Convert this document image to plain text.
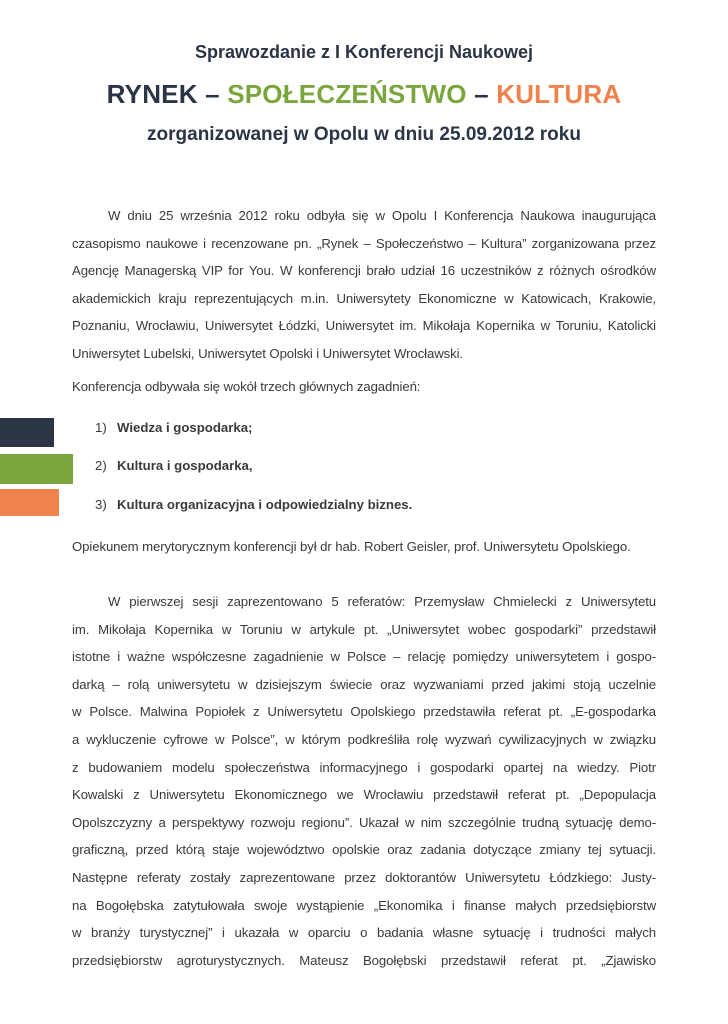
Sprawozdanie z I Konferencji Naukowej
RYNEK – SPOŁECZEŃSTWO – KULTURA
zorganizowanej w Opolu w dniu 25.09.2012 roku
W dniu 25 września 2012 roku odbyła się w Opolu I Konferencja Naukowa inaugurująca
czasopismo naukowe i recenzowane pn. „Rynek – Społeczeństwo – Kultura” zorganizowana przez
Agencję Managerską VIP for You. W konferencji brało udział 16 uczestników z różnych ośrodków
akademickich kraju reprezentujących m.in. Uniwersytety Ekonomiczne w Katowicach, Krakowie,
Poznaniu, Wrocławiu, Uniwersytet Łódzki, Uniwersytet im. Mikołaja Kopernika w Toruniu, Katolicki
Uniwersytet Lubelski, Uniwersytet Opolski i Uniwersytet Wrocławski.
Konferencja odbywała się wokół trzech głównych zagadnień:
1) Wiedza i gospodarka;
2) Kultura i gospodarka,
3) Kultura organizacyjna i odpowiedzialny biznes.
Opiekunem merytorycznym konferencji był dr hab. Robert Geisler, prof. Uniwersytetu Opolskiego.
W pierwszej sesji zaprezentowano 5 referatów: Przemysław Chmielecki z Uniwersytetu
im. Mikołaja Kopernika w Toruniu w artykule pt. „Uniwersytet wobec gospodarki” przedstawił
istotne i ważne współczesne zagadnienie w Polsce – relację pomiędzy uniwersytetem i gospo-
darką – rolą uniwersytetu w dzisiejszym świecie oraz wyzwaniami przed jakimi stoją uczelnie
w Polsce. Malwina Popiołek z Uniwersytetu Opolskiego przedstawiła referat pt. „E-gospodarka
a wykluczenie cyfrowe w Polsce”, w którym podkreśliła rolę wyzwań cywilizacyjnych w związku
z budowaniem modelu społeczeństwa informacyjnego i gospodarki opartej na wiedzy. Piotr
Kowalski z Uniwersytetu Ekonomicznego we Wrocławiu przedstawił referat pt. „Depopulacja
Opolszczyzny a perspektywy rozwoju regionu”. Ukazał w nim szczególnie trudną sytuację demo-
graficzną, przed którą staje województwo opolskie oraz zadania dotyczące zmiany tej sytuacji.
Następne referaty zostały zaprezentowane przez doktorantów Uniwersytetu Łódzkiego: Justy-
na Bogołębska zatytułowała swoje wystąpienie „Ekonomika i finanse małych przedsiębiorstw
w branży turystycznej” i ukazała w oparciu o badania własne sytuację i trudności małych
przedsiębiorstw agroturystycznych. Mateusz Bogołębski przedstawił referat pt. „Zjawisko
